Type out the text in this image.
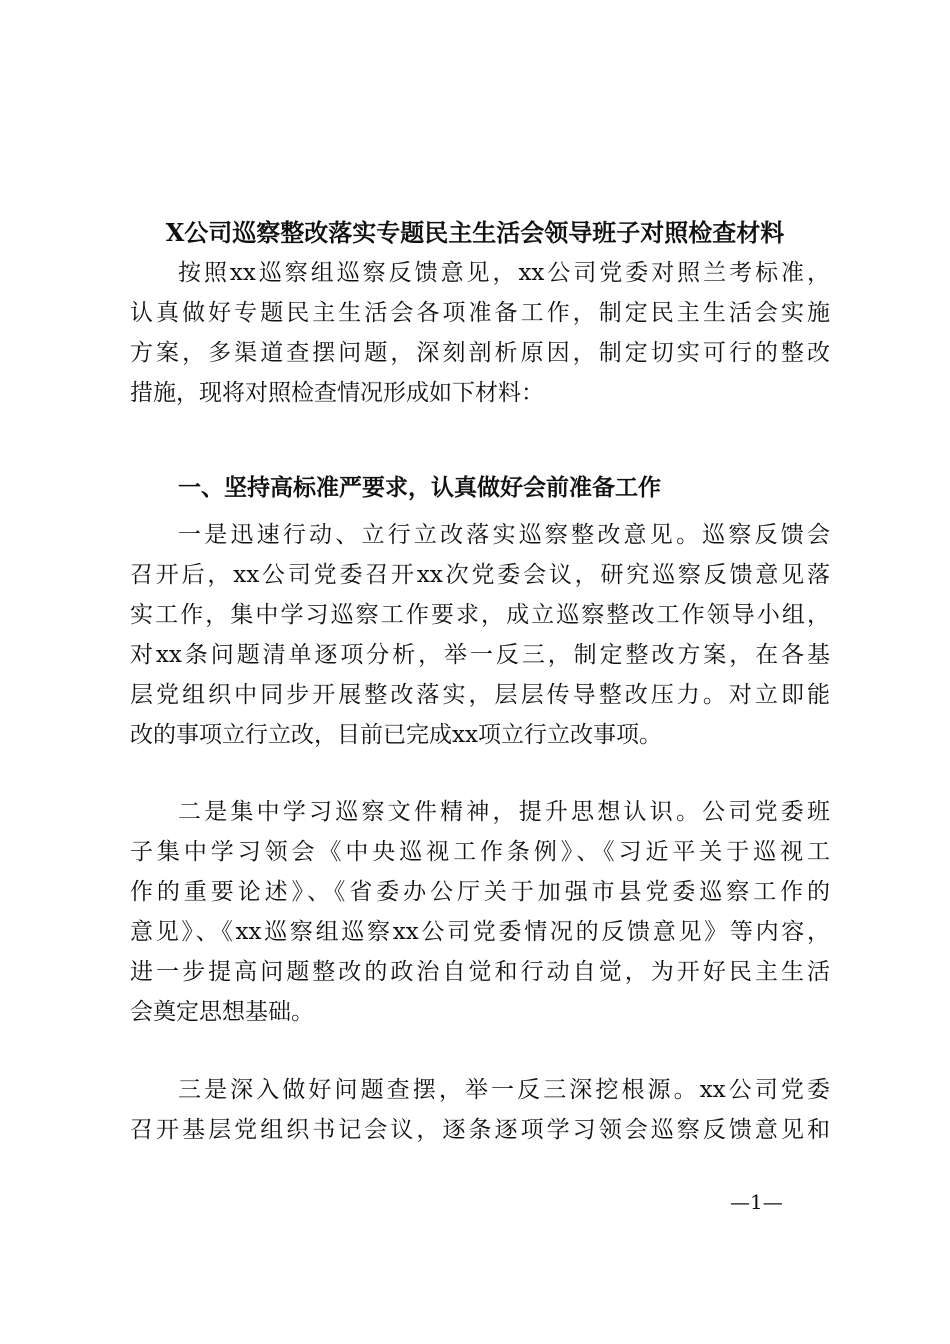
X公司巡察整改落实专题民主生活会领导班子对照检查材料
按照xx巡察组巡察反馈意见，xx公司党委对照兰考标准，
认真做好专题民主生活会各项准备工作，制定民主生活会实施
方案，多渠道查摆问题，深刻剖析原因，制定切实可行的整改
措施，现将对照检查情况形成如下材料：
一、坚持高标准严要求，认真做好会前准备工作
一是迅速行动、立行立改落实巡察整改意见。巡察反馈会
召开后，xx公司党委召开xx次党委会议，研究巡察反馈意见落
实工作，集中学习巡察工作要求，成立巡察整改工作领导小组，
对xx条问题清单逐项分析，举一反三，制定整改方案，在各基
层党组织中同步开展整改落实，层层传导整改压力。对立即能
改的事项立行立改，目前已完成xx项立行立改事项。
二是集中学习巡察文件精神，提升思想认识。公司党委班
子集中学习领会《中央巡视工作条例》、《习近平关于巡视工
作的重要论述》、《省委办公厅关于加强市县党委巡察工作的
意见》、《xx巡察组巡察xx公司党委情况的反馈意见》等内容，
进一步提高问题整改的政治自觉和行动自觉，为开好民主生活
会奠定思想基础。
三是深入做好问题查摆，举一反三深挖根源。xx公司党委
召开基层党组织书记会议，逐条逐项学习领会巡察反馈意见和
—1—
